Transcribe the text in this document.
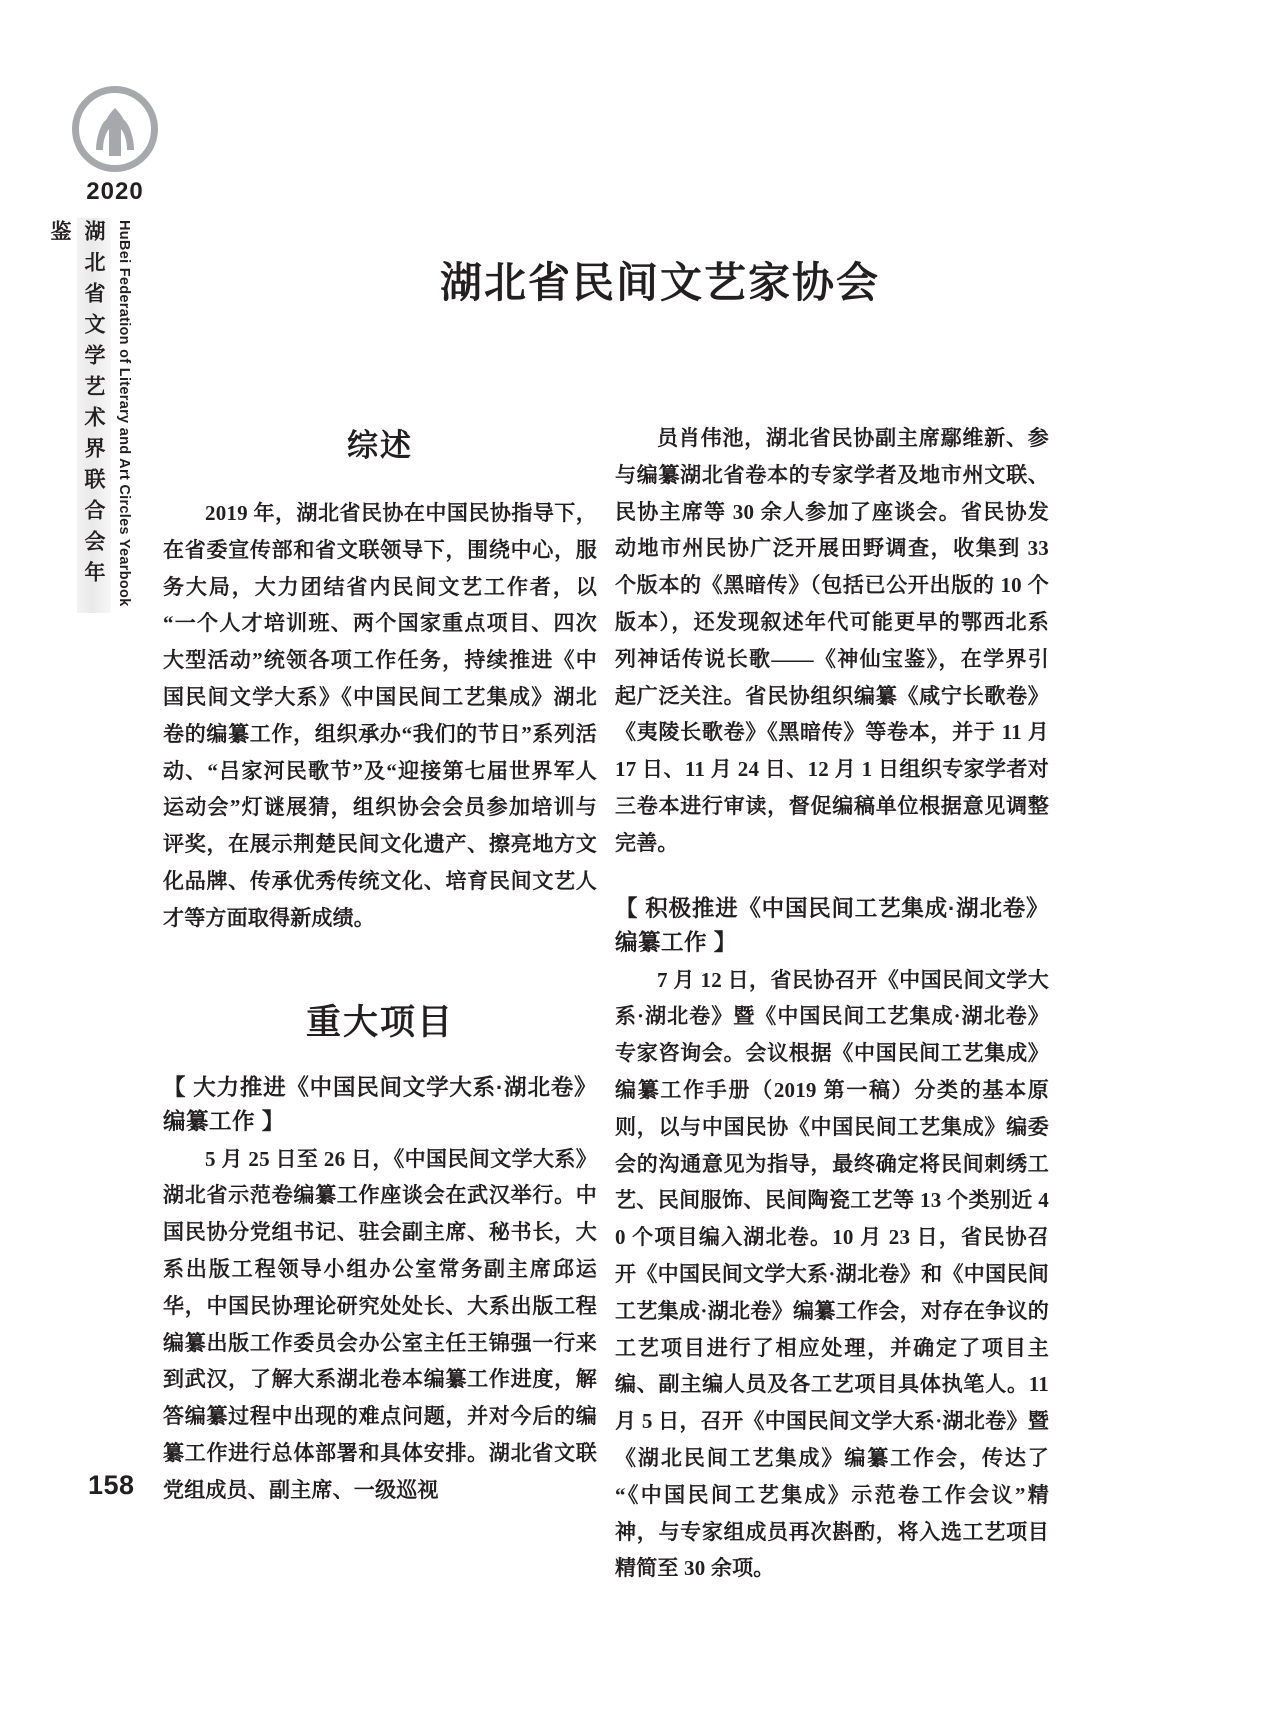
2020
湖北省文学艺术界联合会年鉴	HuBei Federation of Literary and Art Circles Yearbook
158
湖北省民间文艺家协会
综述

2019 年，湖北省民协在中国民协指导下，在省委宣传部和省文联领导下，围绕中心，服务大局，大力团结省内民间文艺工作者，以“一个人才培训班、两个国家重点项目、四次大型活动”统领各项工作任务，持续推进《中国民间文学大系》《中国民间工艺集成》湖北卷的编纂工作，组织承办“我们的节日”系列活动、“吕家河民歌节”及“迎接第七届世界军人运动会”灯谜展猜，组织协会会员参加培训与评奖，在展示荆楚民间文化遗产、擦亮地方文化品牌、传承优秀传统文化、培育民间文艺人才等方面取得新成绩。

重大项目
【 大力推进《中国民间文学大系·湖北卷》编纂工作 】

5 月 25 日至 26 日，《中国民间文学大系》湖北省示范卷编纂工作座谈会在武汉举行。中国民协分党组书记、驻会副主席、秘书长，大系出版工程领导小组办公室常务副主席邱运华，中国民协理论研究处处长、大系出版工程编纂出版工作委员会办公室主任王锦强一行来到武汉，了解大系湖北卷本编纂工作进度，解答编纂过程中出现的难点问题，并对今后的编纂工作进行总体部署和具体安排。湖北省文联党组成员、副主席、一级巡视

员肖伟池，湖北省民协副主席鄢维新、参与编纂湖北省卷本的专家学者及地市州文联、民协主席等 30 余人参加了座谈会。省民协发动地市州民协广泛开展田野调查，收集到 33 个版本的《黑暗传》（包括已公开出版的 10 个版本），还发现叙述年代可能更早的鄂西北系列神话传说长歌——《神仙宝鉴》，在学界引起广泛关注。省民协组织编纂《咸宁长歌卷》《夷陵长歌卷》《黑暗传》等卷本，并于 11 月 17 日、11 月 24 日、12 月 1 日组织专家学者对三卷本进行审读，督促编稿单位根据意见调整完善。

【 积极推进《中国民间工艺集成·湖北卷》编纂工作 】

7 月 12 日，省民协召开《中国民间文学大系·湖北卷》暨《中国民间工艺集成·湖北卷》专家咨询会。会议根据《中国民间工艺集成》编纂工作手册（2019 第一稿）分类的基本原则，以与中国民协《中国民间工艺集成》编委会的沟通意见为指导，最终确定将民间刺绣工艺、民间服饰、民间陶瓷工艺等 13 个类别近 40 个项目编入湖北卷。10 月 23 日，省民协召开《中国民间文学大系·湖北卷》和《中国民间工艺集成·湖北卷》编纂工作会，对存在争议的工艺项目进行了相应处理，并确定了项目主编、副主编人员及各工艺项目具体执笔人。11 月 5 日，召开《中国民间文学大系·湖北卷》暨《湖北民间工艺集成》编纂工作会，传达了“《中国民间工艺集成》示范卷工作会议”精神，与专家组成员再次斟酌，将入选工艺项目精简至 30 余项。
